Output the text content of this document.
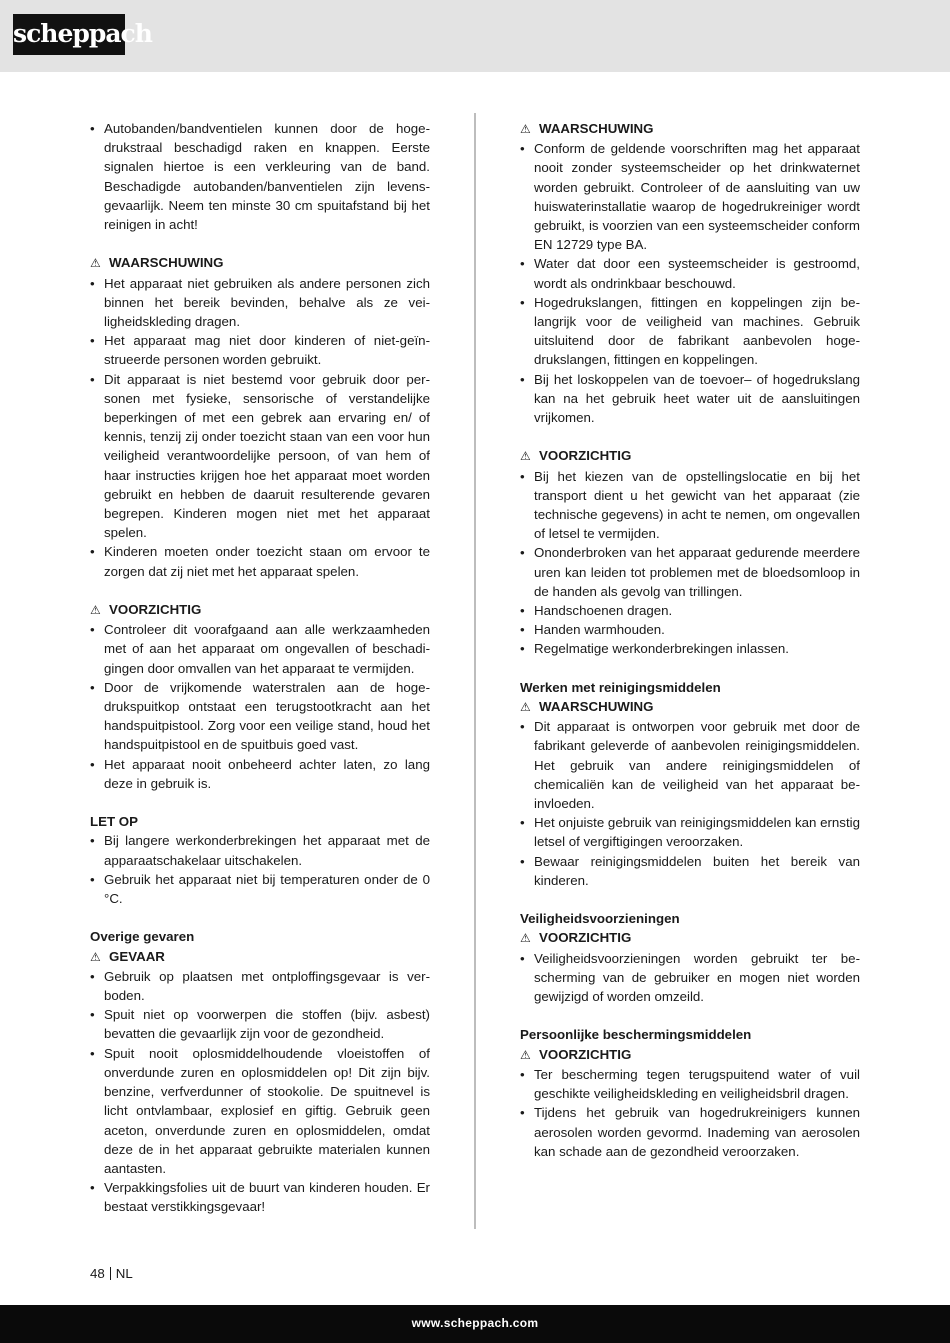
scheppach
• Autobanden/bandventielen kunnen door de hogedrukstraal beschadigd raken en knappen. Eerste signalen hiertoe is een verkleuring van de band. Beschadigde autobanden/banventielen zijn levensgevaarlijk. Neem ten minste 30 cm spuitafstand bij het reinigen in acht!
⚠ WAARSCHUWING
• Het apparaat niet gebruiken als andere personen zich binnen het bereik bevinden, behalve als ze veiligheidskleding dragen.
• Het apparaat mag niet door kinderen of niet-geïnstrueerde personen worden gebruikt.
• Dit apparaat is niet bestemd voor gebruik door personen met fysieke, sensorische of verstandelijke beperkingen of met een gebrek aan ervaring en/ of kennis, tenzij zij onder toezicht staan van een voor hun veiligheid verantwoordelijke persoon, of van hem of haar instructies krijgen hoe het apparaat moet worden gebruikt en hebben de daaruit resulterende gevaren begrepen. Kinderen mogen niet met het apparaat spelen.
• Kinderen moeten onder toezicht staan om ervoor te zorgen dat zij niet met het apparaat spelen.
⚠ VOORZICHTIG
• Controleer dit voorafgaand aan alle werkzaamheden met of aan het apparaat om ongevallen of beschadigingen door omvallen van het apparaat te vermijden.
• Door de vrijkomende waterstralen aan de hogedrukspuitkop ontstaat een terugstootkracht aan het handspuitpistool. Zorg voor een veilige stand, houd het handspuitpistool en de spuitbuis goed vast.
• Het apparaat nooit onbeheerd achter laten, zo lang deze in gebruik is.
LET OP
• Bij langere werkonderbrekingen het apparaat met de apparaatschakelaar uitschakelen.
• Gebruik het apparaat niet bij temperaturen onder de 0 °C.
Overige gevaren
⚠ GEVAAR
• Gebruik op plaatsen met ontploffingsgevaar is verboden.
• Spuit niet op voorwerpen die stoffen (bijv. asbest) bevatten die gevaarlijk zijn voor de gezondheid.
• Spuit nooit oplosmiddelhoudende vloeistoffen of onverdunde zuren en oplosmiddelen op! Dit zijn bijv. benzine, verfverdunner of stookolie. De spuitnevel is licht ontvlambaar, explosief en giftig. Gebruik geen aceton, onverdunde zuren en oplosmiddelen, omdat deze de in het apparaat gebruikte materialen kunnen aantasten.
• Verpakkingsfolies uit de buurt van kinderen houden. Er bestaat verstikkingsgevaar!
⚠ WAARSCHUWING
• Conform de geldende voorschriften mag het apparaat nooit zonder systeemscheider op het drinkwaternet worden gebruikt. Controleer of de aansluiting van uw huiswaterinstallatie waarop de hogedrukreiniger wordt gebruikt, is voorzien van een systeemscheider conform EN 12729 type BA.
• Water dat door een systeemscheider is gestroomd, wordt als ondrinkbaar beschouwd.
• Hogedrukslangen, fittingen en koppelingen zijn belangrijk voor de veiligheid van machines. Gebruik uitsluitend door de fabrikant aanbevolen hogedrukslangen, fittingen en koppelingen.
• Bij het loskoppelen van de toevoer– of hogedrukslang kan na het gebruik heet water uit de aansluitingen vrijkomen.
⚠ VOORZICHTIG
• Bij het kiezen van de opstellingslocatie en bij het transport dient u het gewicht van het apparaat (zie technische gegevens) in acht te nemen, om ongevallen of letsel te vermijden.
• Ononderbroken van het apparaat gedurende meerdere uren kan leiden tot problemen met de bloedsomloop in de handen als gevolg van trillingen.
• Handschoenen dragen.
• Handen warmhouden.
• Regelmatige werkonderbrekingen inlassen.
Werken met reinigingsmiddelen
⚠ WAARSCHUWING
• Dit apparaat is ontworpen voor gebruik met door de fabrikant geleverde of aanbevolen reinigingsmiddelen. Het gebruik van andere reinigingsmiddelen of chemicaliën kan de veiligheid van het apparaat beinvloeden.
• Het onjuiste gebruik van reinigingsmiddelen kan ernstig letsel of vergiftigingen veroorzaken.
• Bewaar reinigingsmiddelen buiten het bereik van kinderen.
Veiligheidsvoorzieningen
⚠ VOORZICHTIG
• Veiligheidsvoorzieningen worden gebruikt ter bescherming van de gebruiker en mogen niet worden gewijzigd of worden omzeild.
Persoonlijke beschermingsmiddelen
⚠ VOORZICHTIG
• Ter bescherming tegen terugspuitend water of vuil geschikte veiligheidskleding en veiligheidsbril dragen.
• Tijdens het gebruik van hogedrukreinigers kunnen aerosolen worden gevormd. Inademing van aerosolen kan schade aan de gezondheid veroorzaken.
48 NL
www.scheppach.com
